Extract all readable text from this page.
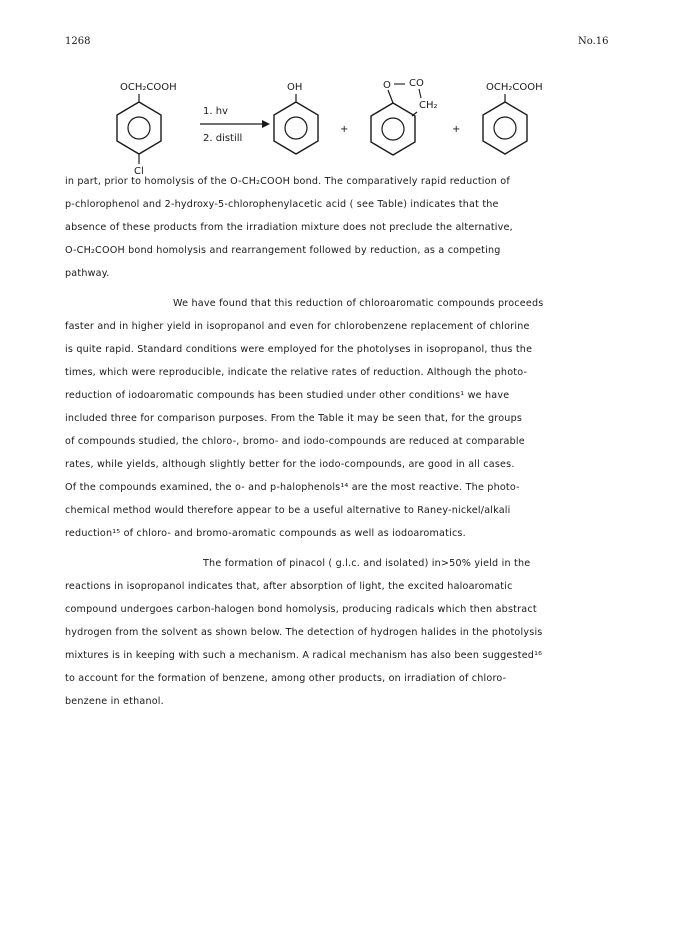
1268	No.16
OCH₂COOH
Cl
1. hv
2. distill
OH
+
O CO
CH₂
+
OCH₂COOH
in part, prior to homolysis of the O-CH₂COOH bond. The comparatively rapid reduction of
p-chlorophenol and 2-hydroxy-5-chlorophenylacetic acid ( see Table) indicates that the
absence of these products from the irradiation mixture does not preclude the alternative,
O-CH₂COOH bond homolysis and rearrangement followed by reduction, as a competing
pathway.
We have found that this reduction of chloroaromatic compounds proceeds
faster and in higher yield in isopropanol and even for chlorobenzene replacement of chlorine
is quite rapid. Standard conditions were employed for the photolyses in isopropanol, thus the
times, which were reproducible, indicate the relative rates of reduction. Although the photo-
reduction of iodoaromatic compounds has been studied under other conditions¹ we have
included three for comparison purposes. From the Table it may be seen that, for the groups
of compounds studied, the chloro-, bromo- and iodo-compounds are reduced at comparable
rates, while yields, although slightly better for the iodo-compounds, are good in all cases.
Of the compounds examined, the o- and p-halophenols¹⁴ are the most reactive. The photo-
chemical method would therefore appear to be a useful alternative to Raney-nickel/alkali
reduction¹⁵ of chloro- and bromo-aromatic compounds as well as iodoaromatics.
The formation of pinacol ( g.l.c. and isolated) in>50% yield in the
reactions in isopropanol indicates that, after absorption of light, the excited haloaromatic
compound undergoes carbon-halogen bond homolysis, producing radicals which then abstract
hydrogen from the solvent as shown below. The detection of hydrogen halides in the photolysis
mixtures is in keeping with such a mechanism. A radical mechanism has also been suggested¹⁶
to account for the formation of benzene, among other products, on irradiation of chloro-
benzene in ethanol.
